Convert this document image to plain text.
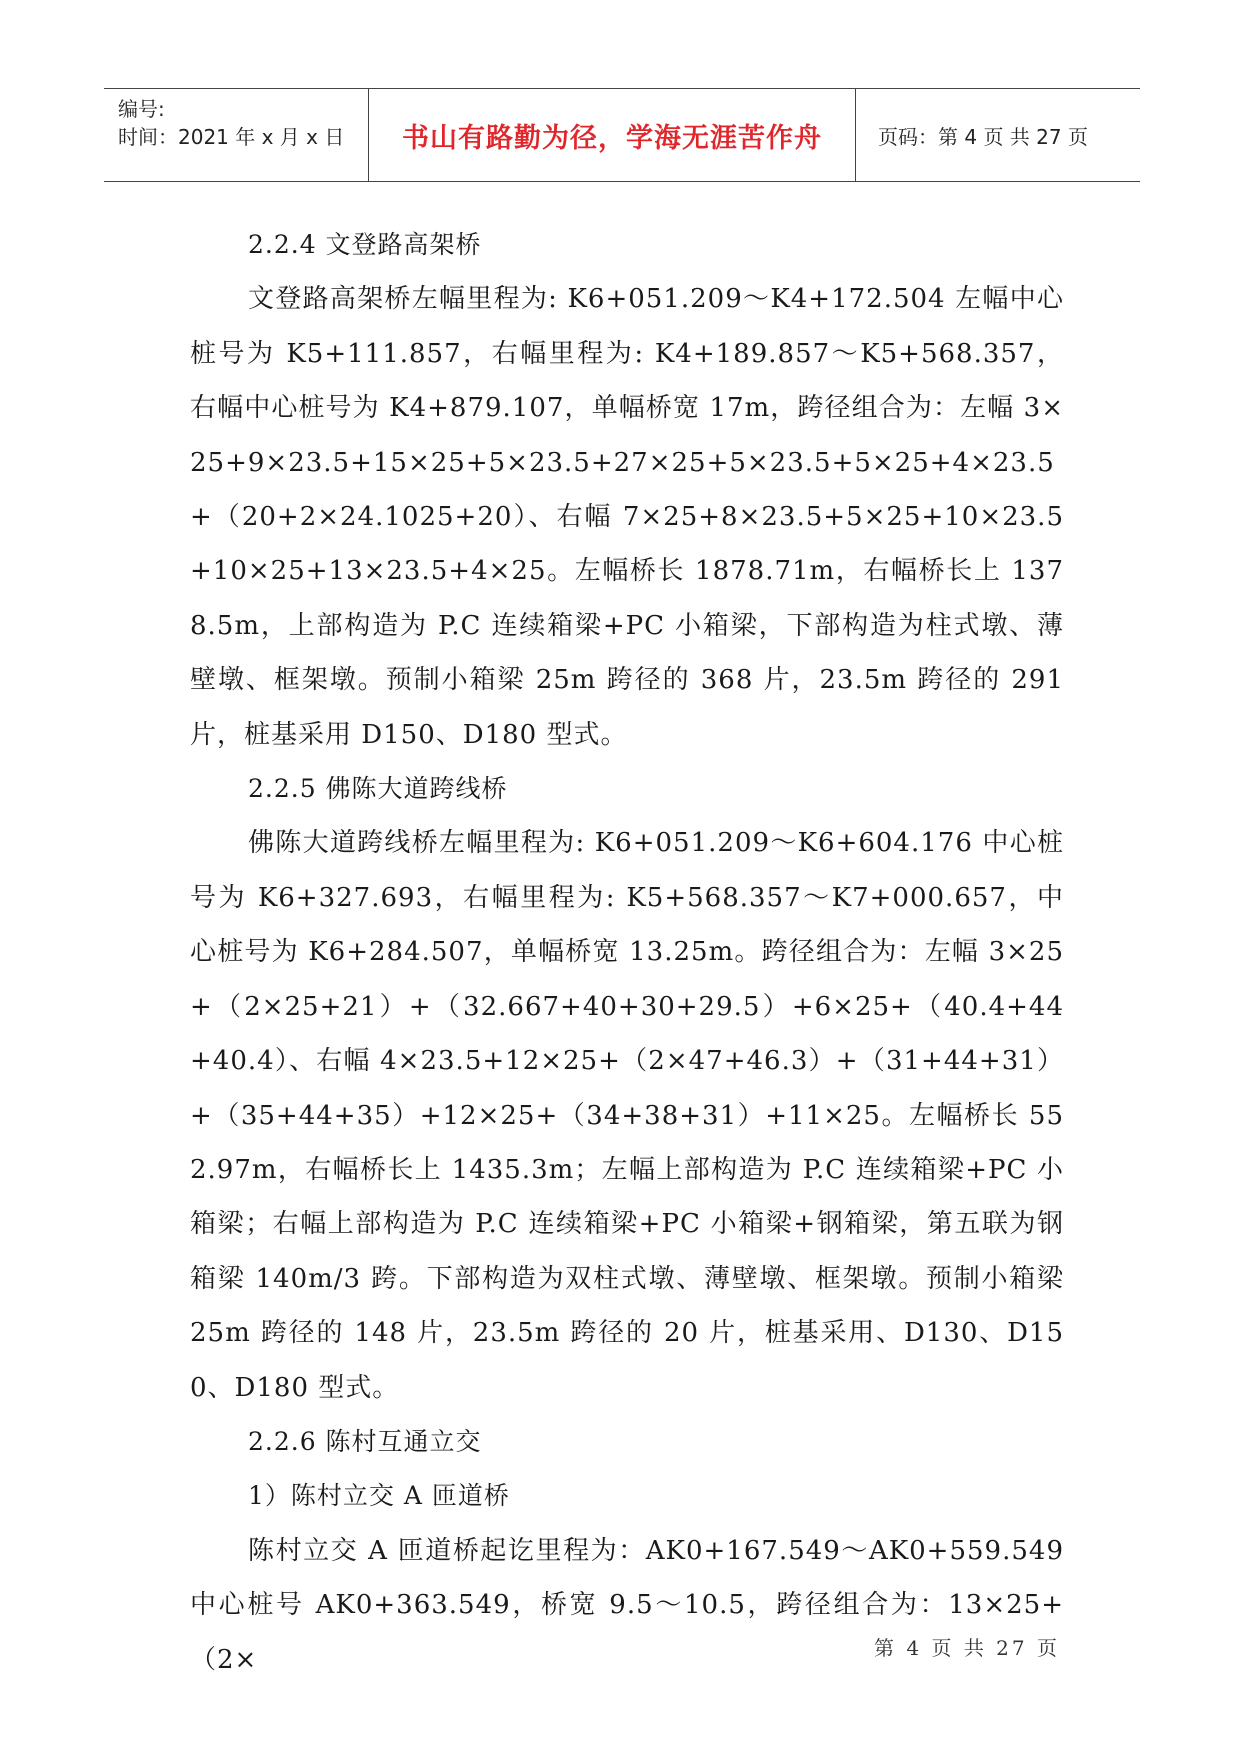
编号:
时间：2021 年 x 月 x 日	书山有路勤为径，学海无涯苦作舟	页码：第 4 页 共 27 页

2.2.4 文登路高架桥

文登路高架桥左幅里程为: K6+051.209～K4+172.504 左幅中心桩号为 K5+111.857，右幅里程为: K4+189.857～K5+568.357，右幅中心桩号为 K4+879.107，单幅桥宽 17m，跨径组合为：左幅 3×25+9×23.5+15×25+5×23.5+27×25+5×23.5+5×25+4×23.5+（20+2×24.1025+20）、右幅 7×25+8×23.5+5×25+10×23.5+10×25+13×23.5+4×25。左幅桥长 1878.71m，右幅桥长上 1378.5m，上部构造为 P.C 连续箱梁+PC 小箱梁，下部构造为柱式墩、薄壁墩、框架墩。预制小箱梁 25m 跨径的 368 片，23.5m 跨径的 291 片，桩基采用 D150、D180 型式。

2.2.5 佛陈大道跨线桥

佛陈大道跨线桥左幅里程为: K6+051.209～K6+604.176 中心桩号为 K6+327.693，右幅里程为: K5+568.357～K7+000.657，中心桩号为 K6+284.507，单幅桥宽 13.25m。跨径组合为：左幅 3×25+（2×25+21）+（32.667+40+30+29.5）+6×25+（40.4+44+40.4）、右幅 4×23.5+12×25+（2×47+46.3）+（31+44+31）+（35+44+35）+12×25+（34+38+31）+11×25。左幅桥长 552.97m，右幅桥长上 1435.3m；左幅上部构造为 P.C 连续箱梁+PC 小箱梁；右幅上部构造为 P.C 连续箱梁+PC 小箱梁+钢箱梁，第五联为钢箱梁 140m/3 跨。下部构造为双柱式墩、薄壁墩、框架墩。预制小箱梁 25m 跨径的 148 片，23.5m 跨径的 20 片，桩基采用、D130、D150、D180 型式。

2.2.6 陈村互通立交

1）陈村立交 A 匝道桥

陈村立交 A 匝道桥起讫里程为：AK0+167.549～AK0+559.549 中心桩号 AK0+363.549，桥宽 9.5～10.5，跨径组合为：13×25+（2×	第 4 页 共 27 页
